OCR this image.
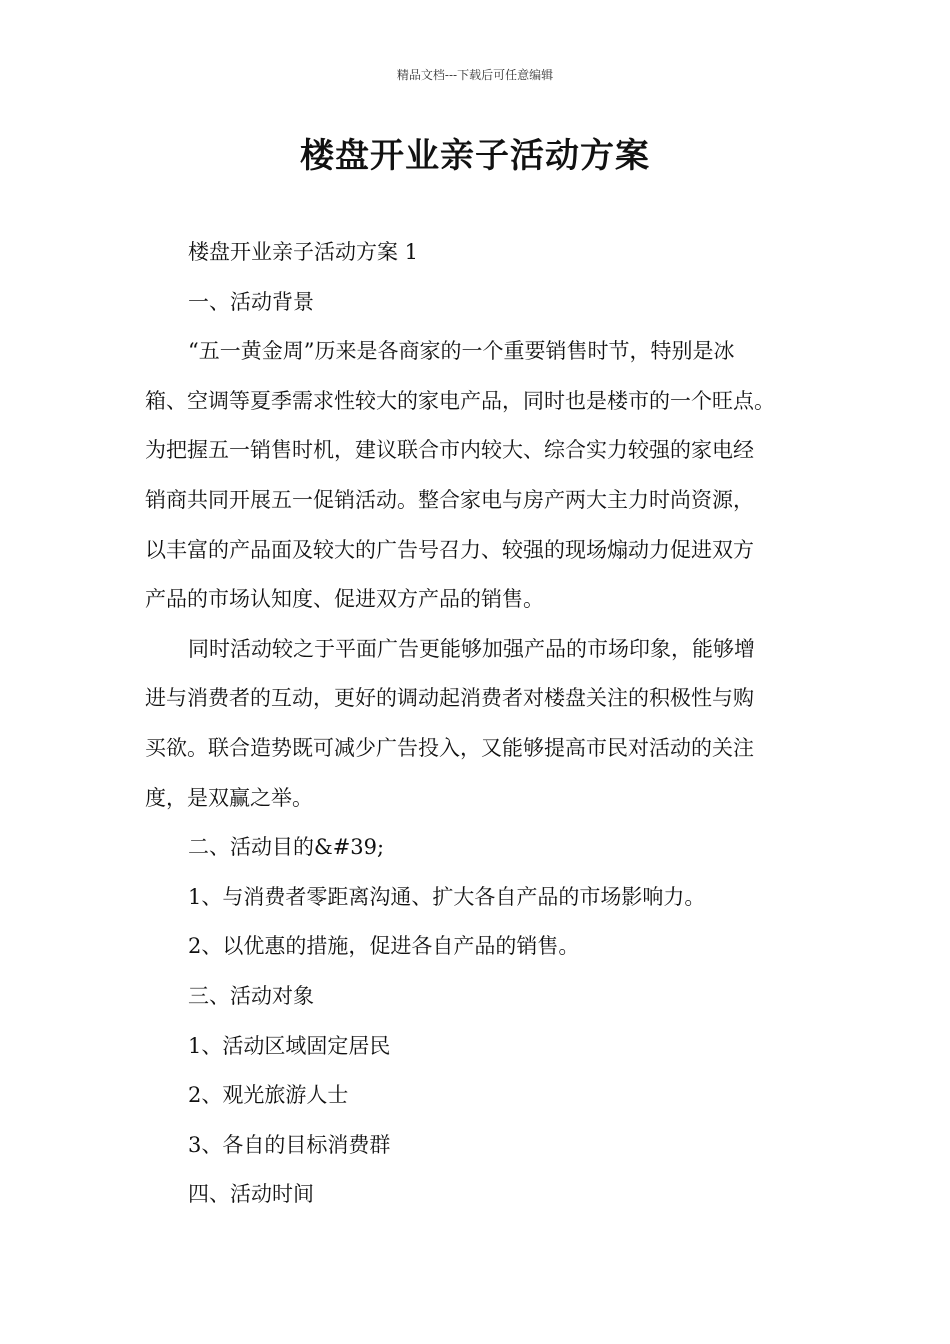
精品文档---下载后可任意编辑
楼盘开业亲子活动方案
楼盘开业亲子活动方案 1
一、活动背景
“五一黄金周”历来是各商家的一个重要销售时节，特别是冰
箱、空调等夏季需求性较大的家电产品，同时也是楼市的一个旺点。
为把握五一销售时机，建议联合市内较大、综合实力较强的家电经
销商共同开展五一促销活动。整合家电与房产两大主力时尚资源，
以丰富的产品面及较大的广告号召力、较强的现场煽动力促进双方
产品的市场认知度、促进双方产品的销售。
同时活动较之于平面广告更能够加强产品的市场印象，能够增
进与消费者的互动，更好的调动起消费者对楼盘关注的积极性与购
买欲。联合造势既可减少广告投入，又能够提高市民对活动的关注
度，是双赢之举。
二、活动目的&#39;
1、与消费者零距离沟通、扩大各自产品的市场影响力。
2、以优惠的措施，促进各自产品的销售。
三、活动对象
1、活动区域固定居民
2、观光旅游人士
3、各自的目标消费群
四、活动时间
